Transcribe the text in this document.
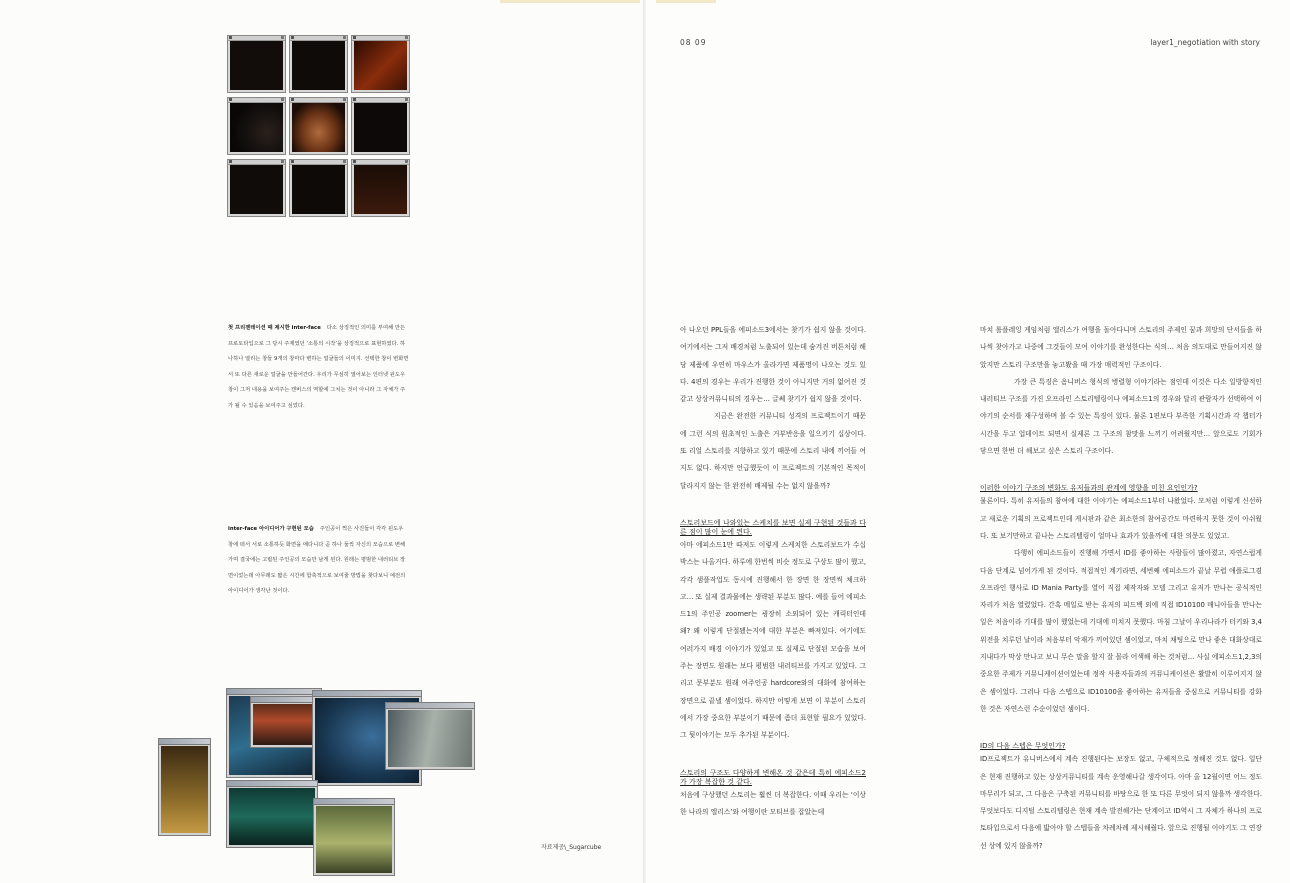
첫 프리젠테이션 때 제시한 inter-face 다소 상징적인 의미를 부여해 만든 프로토타입으로 그 당시 주제였던 ‘소통의 시작’을 상징적으로 표현하였다. 하나하나 열리는 창들 9개의 창마다 변하는 얼굴들의 이미지. 선택한 창이 변화면서 또 다른 새로운 얼굴을 만들어간다. 우리가 무심히 열어보는 인터넷 윈도우 창이 그저 내용을 보여주는 캔버스의 역할에 그치는 것이 아니라 그 자체가 주가 될 수 있음을 보여주고 싶었다.
inter-face 아이디어가 구현된 모습 주인공이 찍은 사진들이 각각 윈도우 창에 떠서 서로 소통하듯 화면을 메다니다 곧 하나 둘씩 자신의 모습으로 변해가며 결국에는 고립된 주인공의 모습만 남게 된다. 원래는 평범한 내러티브 장면이었는데 아무래도 짧은 시간에 함축적으로 보여줄 방법을 찾다보니 예전의 아이디어가 생각난 것이다.
자료제공\_Sugarcube
08 09	layer1_negotiation with story

아 나오던 PPL들을 에피소드3에서는 찾기가 쉽지 않을 것이다. 여기에서는 그저 배경처럼 노출되어 있는데 숨겨진 버튼처럼 해당 제품에 우연히 마우스가 올라가면 제품명이 나오는 것도 있다. 4편의 경우는 우리가 진행한 것이 아니지만 거의 없어진 것 같고 상상커뮤니티의 경우는… 글쎄 찾기가 쉽지 않을 것이다.

지금은 완전한 커뮤니티 성격의 프로젝트이기 때문에 그런 식의 원초적인 노출은 거부반응을 일으키기 십상이다. 또 리얼 스토리를 지향하고 있기 때문에 스토리 내에 끼어들 여지도 없다. 하지만 언급했듯이 이 프로젝트의 기본적인 목적이 달라지지 않는 한 완전히 배제될 수는 없지 않을까?

스토리보드에 나와있는 스케치를 보면 실제 구현된 것들과 다른 점이 많이 눈에 띈다.

아마 에피소드1만 따져도 이렇게 스케치한 스토리보드가 수십 박스는 나올거다. 하루에 한번씩 비슷 정도로 구상도 많이 했고, 각각 샘플작업도 동시에 진행해서 한 장면 한 장면씩 체크하고… 또 실제 결과물에는 생략된 부분도 많다. 예를 들어 에피소드1의 주인공 zoomer는 굉장히 소외되어 있는 캐릭터인데 왜? 왜 이렇게 단절됐는지에 대한 부분은 빠져있다. 여기에도 여러가지 배경 이야기가 있었고 또 실제로 단절된 모습을 보여주는 장면도 원래는 보다 평범한 내러티브를 가지고 있었다. 그리고 문부분도 원래 여주인공 hardcore와의 대화에 참여하는 장면으로 끝낼 셈이었다. 하지만 어떻게 보면 이 부분이 스토리에서 가장 중요한 부분이기 때문에 좀더 표현할 필요가 있었다. 그 뒷이야기는 모두 추가된 부분이다.

스토리의 구조도 다양하게 변해온 것 같은데 특히 에피소드2가 가장 복잡한 것 같다.

처음에 구상했던 스토리는 훨씬 더 복잡한다. 이때 우리는 ‘이상한 나라의 앨리스’와 여행이란 모티브를 잡았는데

마치 롤플레잉 게임처럼 앨리스가 여행을 돌아다니며 스토리의 주제인 꿈과 희망의 단서들을 하나씩 찾아가고 나중에 그것들이 모여 이야기를 완성한다는 식의… 처음 의도대로 만들어지진 않았지만 스토리 구조만을 놓고봤을 때 가장 매력적인 구조이다.

가장 큰 특징은 옴니버스 형식의 병렬형 이야기라는 점인데 이것은 다소 일방향적인 내러티브 구조를 가진 오프라인 스토리텔링이나 에피소드1의 경우와 달리 관람자가 선택하여 이야기의 순서를 재구성하며 볼 수 있는 특징이 있다. 물론 1편보다 부족한 기획시간과 각 챕터가 시간을 두고 업데이트 되면서 실제론 그 구조의 참맛을 느끼기 어려웠지만… 앞으로도 기회가 닿으면 한번 더 해보고 싶은 스토리 구조이다.

이러한 이야기 구조의 변화도 유저들과의 관계에 영향을 미친 요인인가?

물론이다. 특히 유저들의 참여에 대한 이야기는 에피소드1부터 나왔었다. 모처럼 이렇게 신선하고 새로운 기획의 프로젝트인데 게시판과 같은 최소한의 참여공간도 마련하지 못한 것이 아쉬웠다. 또 보기만하고 끝나는 스토리텔링이 얼마나 효과가 있을까에 대한 의문도 있었고.

다행히 에피소드들이 진행해 가면서 ID를 좋아하는 사람들이 많아졌고, 자연스럽게 다음 단계로 넘어가게 된 것이다. 적접적인 계기라면, 세번째 에피소드가 끝날 무렵 애플로그겸 오프라인 행사로 ID Mania Party를 열어 직접 제작자와 모델 그리고 유저가 만나는 공식적인 자리가 처음 열렸었다. 간혹 메일로 받는 유저의 피드백 외에 직접 ID10100 매니아들을 만나는 일은 처음이라 기대를 많이 했었는데 기대에 미치지 못했다. 마침 그날이 우리나라가 터키와 3,4위전을 치루던 날이라 처음부터 악재가 끼어있던 셈이었고, 마치 채팅으로 만나 좋은 대화상대로 지내다가 막상 만나고 보니 무슨 말을 할지 잘 몰라 어색해 하는 것처럼… 사실 에피소드1,2,3의 중요한 주제가 커뮤니케이션이었는데 정작 사용자들과의 커뮤니케이션은 활발히 이루어지지 않은 셈이었다. 그러나 다음 스텝으로 ID10100을 좋아하는 유저들을 중심으로 커뮤니티를 강화한 것은 자연스런 수순이었던 셈이다.

ID의 다음 스텝은 무엇인가?

ID프로젝트가 유니버스에서 계속 진행된다는 보장도 없고, 구체적으로 정해진 것도 없다. 일단은 현재 진행하고 있는 상상커뮤니티를 계속 운영해나갈 생각이다. 아마 올 12월이면 어느 정도 마무리가 되고, 그 다음은 구축된 커뮤니티를 바탕으로 한 또 다른 무엇이 되지 않을까 생각한다. 무엇보다도 디지털 스토리텔링은 현재 계속 발전해가는 단계이고 ID역시 그 자체가 하나의 프로토타입으로서 다음에 밟아야 할 스텝들을 차례차례 제시해줬다. 앞으로 진행될 이야기도 그 연장선 상에 있지 않을까?
